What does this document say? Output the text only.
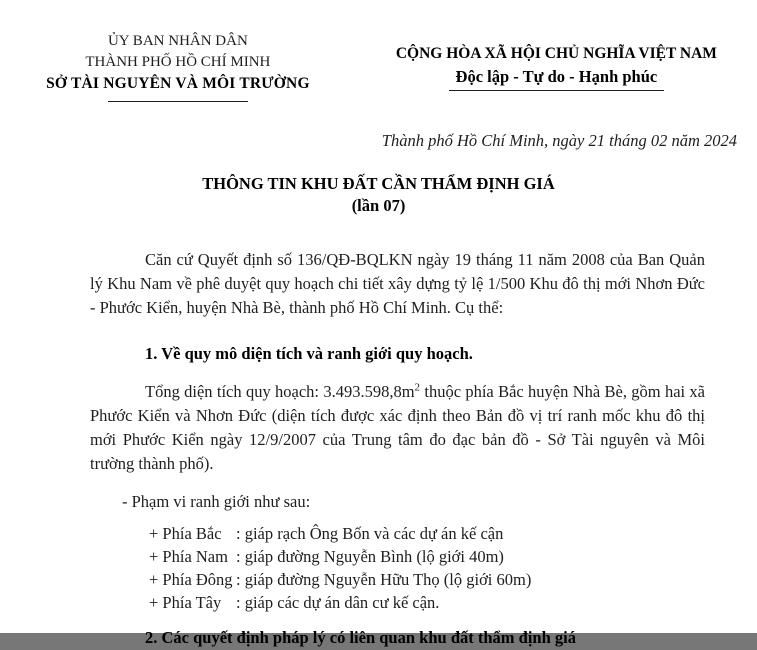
ỦY BAN NHÂN DÂN
THÀNH PHỐ HỒ CHÍ MINH
SỞ TÀI NGUYÊN VÀ MÔI TRƯỜNG
CỘNG HÒA XÃ HỘI CHỦ NGHĨA VIỆT NAM
Độc lập - Tự do - Hạnh phúc
Thành phố Hồ Chí Minh, ngày 21 tháng 02 năm 2024
THÔNG TIN KHU ĐẤT CẦN THẨM ĐỊNH GIÁ
(lần 07)

Căn cứ Quyết định số 136/QĐ-BQLKN ngày 19 tháng 11 năm 2008 của Ban Quản lý Khu Nam về phê duyệt quy hoạch chi tiết xây dựng tỷ lệ 1/500 Khu đô thị mới Nhơn Đức - Phước Kiển, huyện Nhà Bè, thành phố Hồ Chí Minh. Cụ thể:

1. Về quy mô diện tích và ranh giới quy hoạch.

Tổng diện tích quy hoạch: $3.493.598,8m^2$ thuộc phía Bắc huyện Nhà Bè, gồm hai xã Phước Kiển và Nhơn Đức (diện tích được xác định theo Bản đồ vị trí ranh mốc khu đô thị mới Phước Kiển ngày 12/9/2007 của Trung tâm đo đạc bản đồ - Sở Tài nguyên và Môi trường thành phố).

- Phạm vi ranh giới như sau:

+ Phía Bắc : giáp rạch Ông Bốn và các dự án kế cận
+ Phía Nam : giáp đường Nguyễn Bình (lộ giới 40m)
+ Phía Đông : giáp đường Nguyễn Hữu Thọ (lộ giới 60m)
+ Phía Tây : giáp các dự án dân cư kế cận.

2. Các quyết định pháp lý có liên quan khu đất thẩm định giá
